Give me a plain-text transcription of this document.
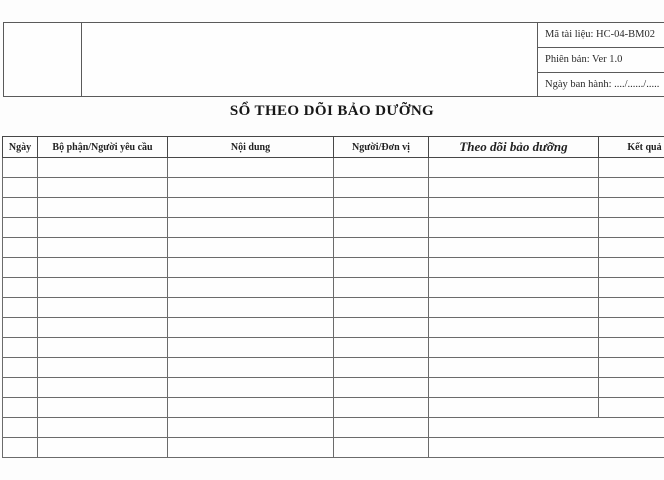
Mã tài liệu: HC-04-BM02
Phiên bản: Ver 1.0
Ngày ban hành: ..../....../.....
SỔ THEO DÕI BẢO DƯỠNG
Ngày	Bộ phận/Người yêu cầu	Nội dung	Người/Đơn vị	Theo dõi bảo dưỡng	Kết quả
